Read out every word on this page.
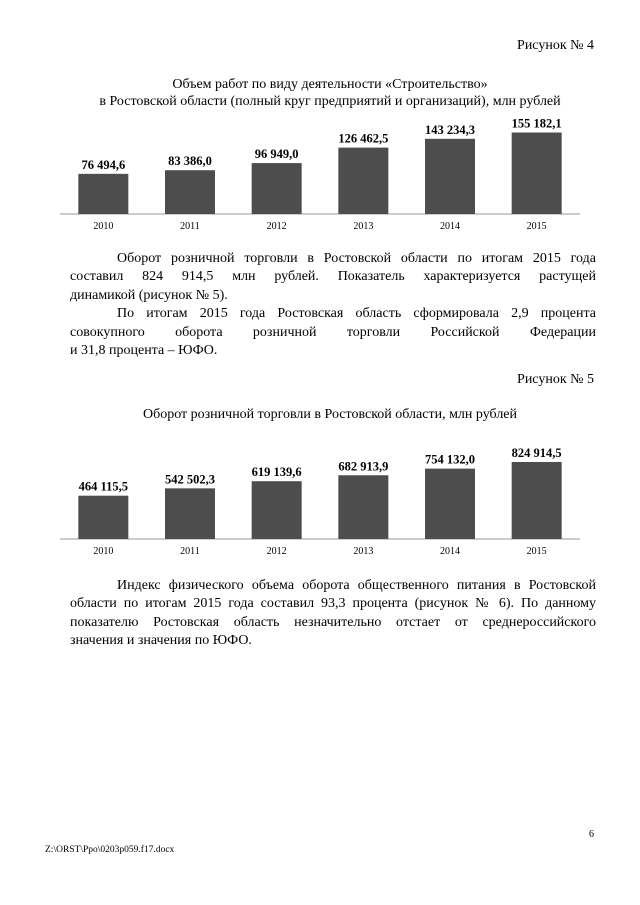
Рисунок № 4
Объем работ по виду деятельности «Строительство»
в Ростовской области (полный круг предприятий и организаций), млн рублей
76 494,6
2010
83 386,0
2011
96 949,0
2012
126 462,5
2013
143 234,3
2014
155 182,1
2015
Оборот розничной торговли в Ростовской области по итогам 2015 года
составил 824 914,5 млн рублей. Показатель характеризуется растущей
динамикой (рисунок № 5).
По итогам 2015 года Ростовская область сформировала 2,9 процента
совокупного оборота розничной торговли Российской Федерации
и 31,8 процента – ЮФО.
Рисунок № 5
Оборот розничной торговли в Ростовской области, млн рублей
464 115,5
2010
542 502,3
2011
619 139,6
2012
682 913,9
2013
754 132,0
2014
824 914,5
2015
Индекс физического объема оборота общественного питания в Ростовской
области по итогам 2015 года составил 93,3 процента (рисунок № 6). По данному
показателю Ростовская область незначительно отстает от среднероссийского
значения и значения по ЮФО.
6
Z:\ORST\Ppo\0203p059.f17.docx
